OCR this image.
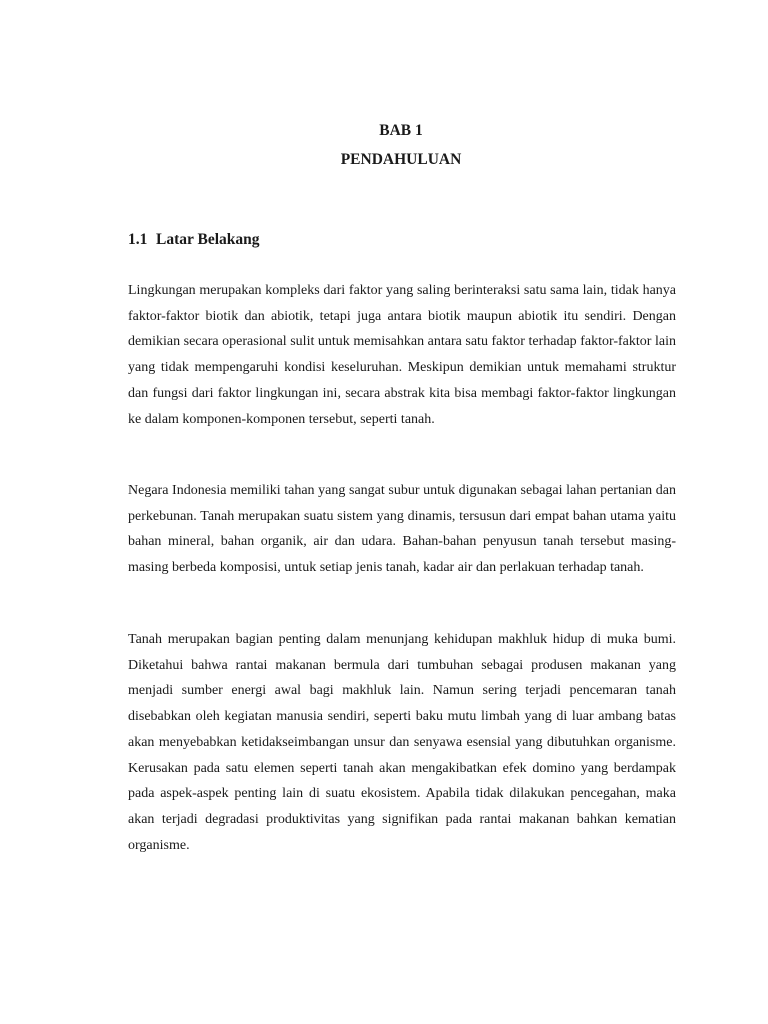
BAB 1
PENDAHULUAN
1.1 Latar Belakang

Lingkungan merupakan kompleks dari faktor yang saling berinteraksi satu sama lain, tidak hanya faktor-faktor biotik dan abiotik, tetapi juga antara biotik maupun abiotik itu sendiri. Dengan demikian secara operasional sulit untuk memisahkan antara satu faktor terhadap faktor-faktor lain yang tidak mempengaruhi kondisi keseluruhan. Meskipun demikian untuk memahami struktur dan fungsi dari faktor lingkungan ini, secara abstrak kita bisa membagi faktor-faktor lingkungan ke dalam komponen-komponen tersebut, seperti tanah.

Negara Indonesia memiliki tahan yang sangat subur untuk digunakan sebagai lahan pertanian dan perkebunan. Tanah merupakan suatu sistem yang dinamis, tersusun dari empat bahan utama yaitu bahan mineral, bahan organik, air dan udara. Bahan-bahan penyusun tanah tersebut masing-masing berbeda komposisi, untuk setiap jenis tanah, kadar air dan perlakuan terhadap tanah.

Tanah merupakan bagian penting dalam menunjang kehidupan makhluk hidup di muka bumi. Diketahui bahwa rantai makanan bermula dari tumbuhan sebagai produsen makanan yang menjadi sumber energi awal bagi makhluk lain. Namun sering terjadi pencemaran tanah disebabkan oleh kegiatan manusia sendiri, seperti baku mutu limbah yang di luar ambang batas akan menyebabkan ketidakseimbangan unsur dan senyawa esensial yang dibutuhkan organisme. Kerusakan pada satu elemen seperti tanah akan mengakibatkan efek domino yang berdampak pada aspek-aspek penting lain di suatu ekosistem. Apabila tidak dilakukan pencegahan, maka akan terjadi degradasi produktivitas yang signifikan pada rantai makanan bahkan kematian organisme.
